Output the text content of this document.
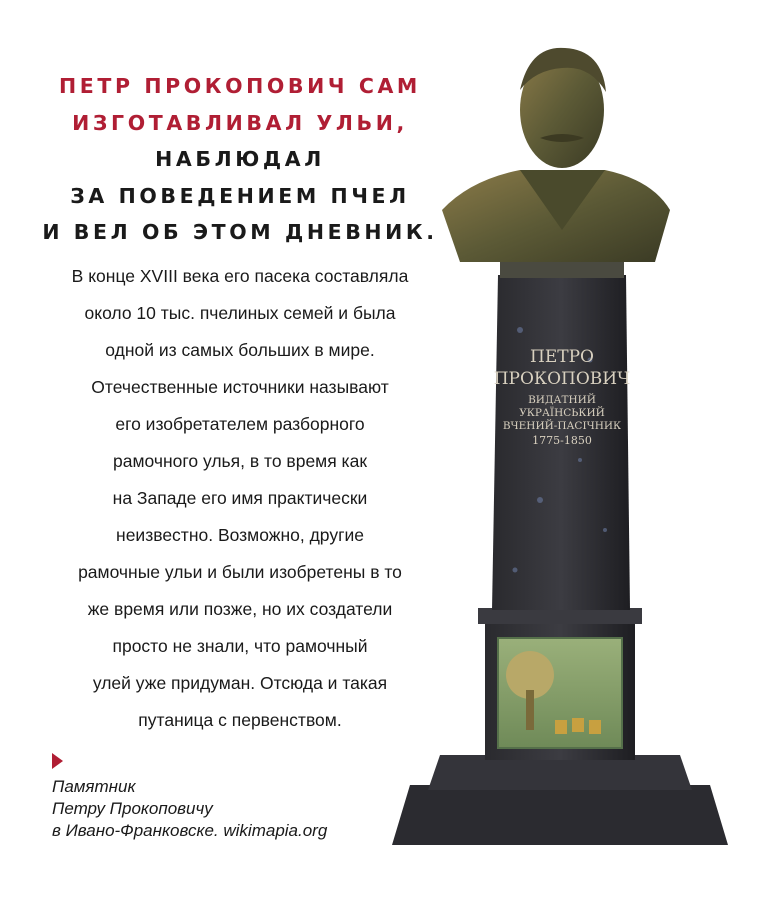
ПЕТР ПРОКОПОВИЧ САМ
ИЗГОТАВЛИВАЛ УЛЬИ,
НАБЛЮДАЛ
ЗА ПОВЕДЕНИЕМ ПЧЕЛ
И ВЕЛ ОБ ЭТОМ ДНЕВНИК.
В конце XVIII века его пасека составляла
около 10 тыс. пчелиных семей и была
одной из самых больших в мире.
Отечественные источники называют
его изобретателем разборного
рамочного улья, в то время как
на Западе его имя практически
неизвестно. Возможно, другие
рамочные ульи и были изобретены в то
же время или позже, но их создатели
просто не знали, что рамочный
улей уже придуман. Отсюда и такая
путаница с первенством.
Памятник
Петру Прокоповичу
в Ивано-Франковске. wikimapia.org
ПЕТРО
ПРОКОПОВИЧ
ВИДАТНИЙ
УКРАЇНСЬКИЙ
ВЧЕНИЙ-ПАСІЧНИК
1775-1850
